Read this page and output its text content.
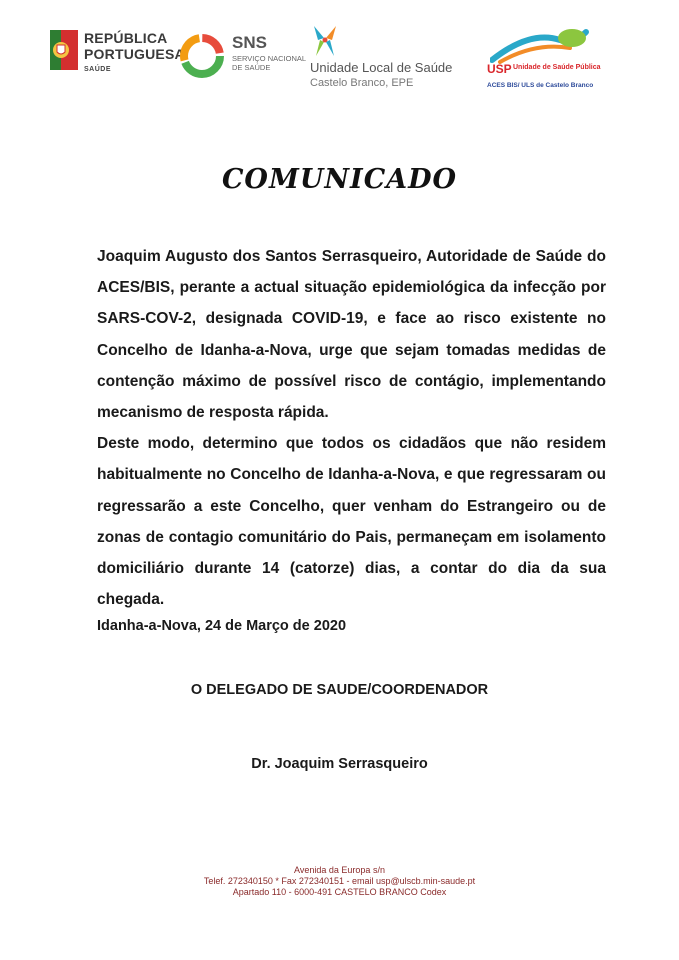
REPÚBLICA
PORTUGUESA
SAÚDE
SNS
SERVIÇO NACIONAL
DE SAÚDE	Unidade Local de Saúde
Castelo Branco, EPE
USP Unidade de Saúde Pública
ACES BIS/ ULS de Castelo Branco
COMUNICADO

Joaquim Augusto dos Santos Serrasqueiro, Autoridade de Saúde do ACES/BIS, perante a actual situação epidemiológica da infecção por SARS-COV-2, designada COVID-19, e face ao risco existente no Concelho de Idanha-a-Nova, urge que sejam tomadas medidas de contenção máximo de possível risco de contágio, implementando mecanismo de resposta rápida.

Deste modo, determino que todos os cidadãos que não residem habitualmente no Concelho de Idanha-a-Nova, e que regressaram ou regressarão a este Concelho, quer venham do Estrangeiro ou de zonas de contagio comunitário do Pais, permaneçam em isolamento domiciliário durante 14 (catorze) dias, a contar do dia da sua chegada.

Idanha-a-Nova, 24 de Março de 2020
O DELEGADO DE SAUDE/COORDENADOR
Dr. Joaquim Serrasqueiro
Avenida da Europa s/n
Telef. 272340150 * Fax 272340151 - email usp@ulscb.min-saude.pt
Apartado 110 - 6000-491 CASTELO BRANCO Codex
